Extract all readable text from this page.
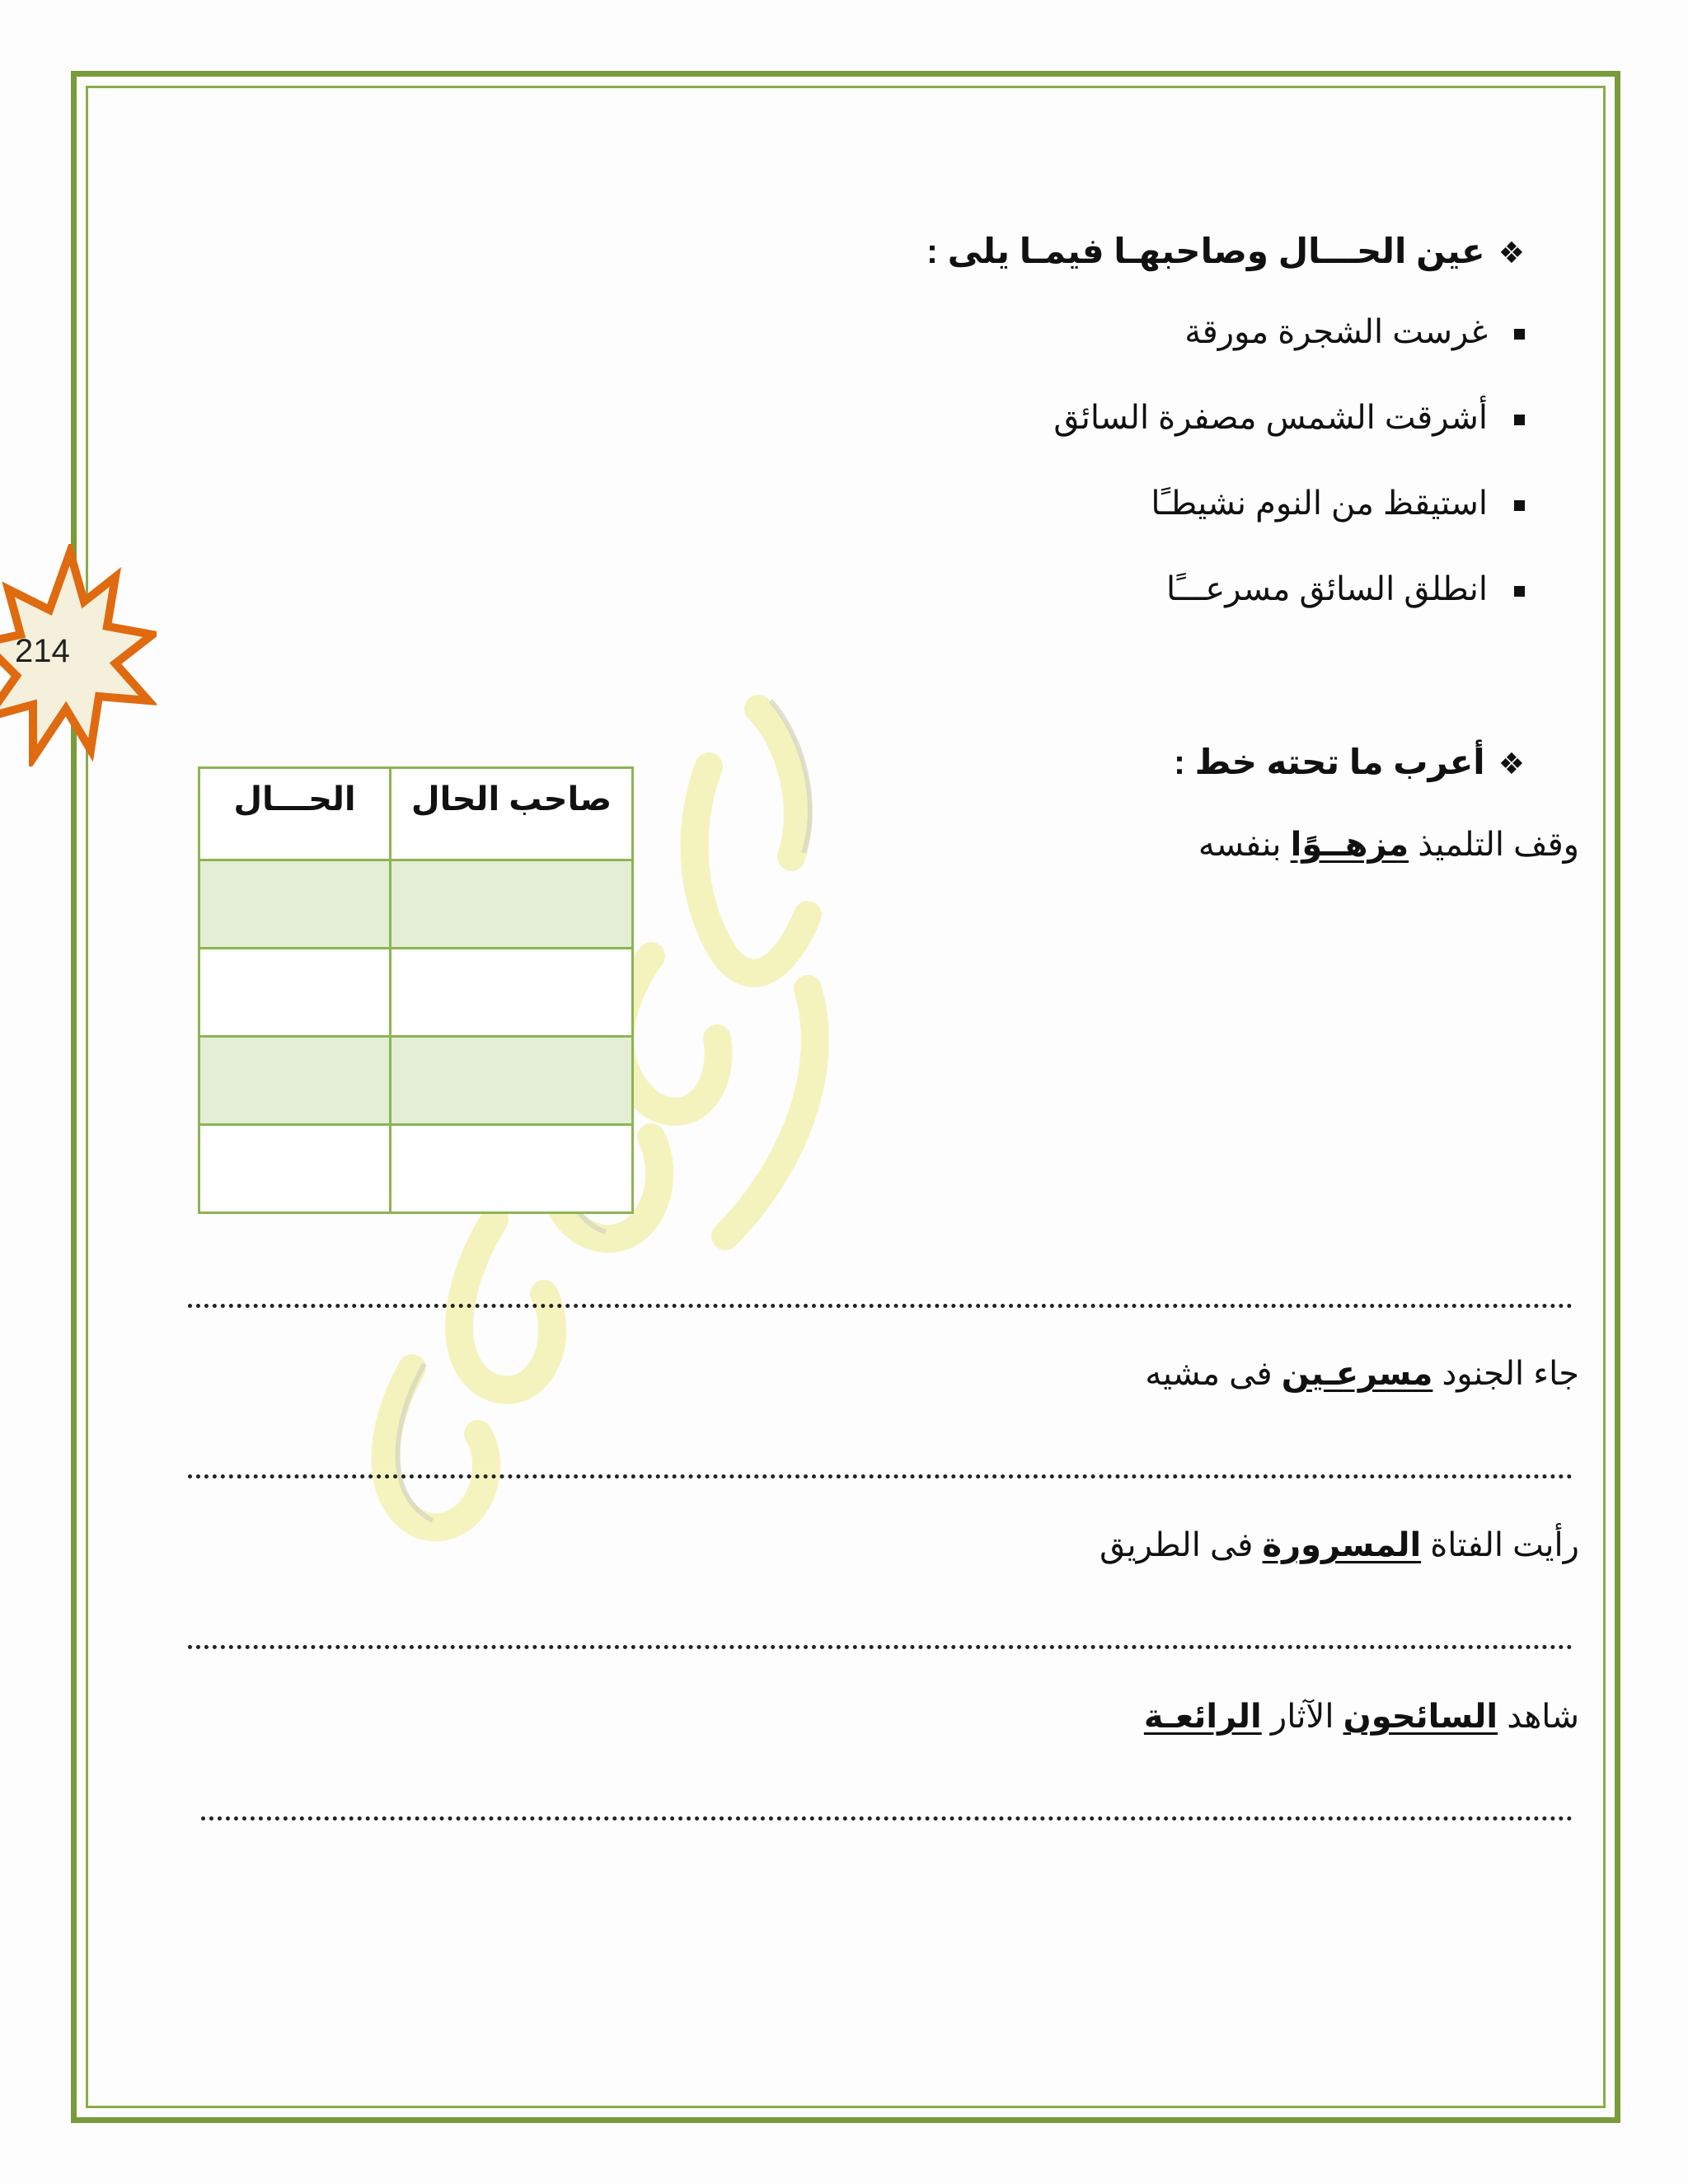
214
❖عين الحـــال وصاحبهـا فيمـا يلى :
غرست الشجرة مورقة
أشرقت الشمس مصفرة السائق
استيقظ من النوم نشيطـًا
انطلق السائق مسرعـــًا
صاحب الحال	الحـــال

❖أعرب ما تحته خط :
وقف التلميذ مزهــوًا بنفسه
جاء الجنود مسرعـين فى مشيه
رأيت الفتاة المسرورة فى الطريق
شاهد السائحون الآثار الرائعـة
